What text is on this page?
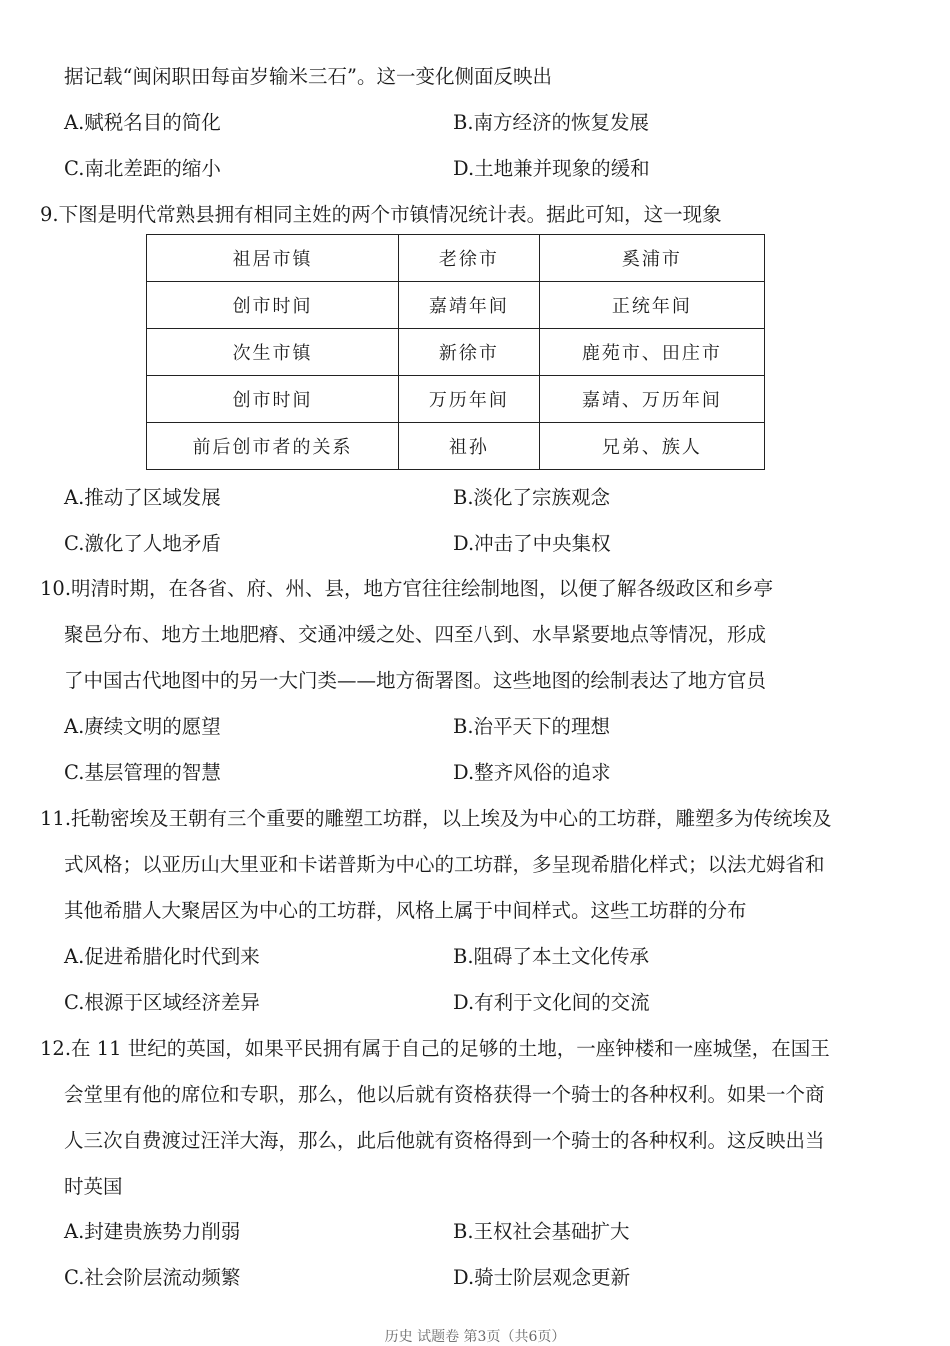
据记载“闽闲职田每亩岁输米三石”。这一变化侧面反映出
A.赋税名目的简化	B.南方经济的恢复发展
C.南北差距的缩小	D.土地兼并现象的缓和
9.下图是明代常熟县拥有相同主姓的两个市镇情况统计表。据此可知，这一现象
祖居市镇	老徐市	奚浦市
创市时间	嘉靖年间	正统年间
次生市镇	新徐市	鹿苑市、田庄市
创市时间	万历年间	嘉靖、万历年间
前后创市者的关系	祖孙	兄弟、族人
A.推动了区域发展	B.淡化了宗族观念
C.激化了人地矛盾	D.冲击了中央集权
10.明清时期，在各省、府、州、县，地方官往往绘制地图，以便了解各级政区和乡亭
聚邑分布、地方土地肥瘠、交通冲缓之处、四至八到、水旱紧要地点等情况，形成
了中国古代地图中的另一大门类——地方衙署图。这些地图的绘制表达了地方官员
A.赓续文明的愿望	B.治平天下的理想
C.基层管理的智慧	D.整齐风俗的追求
11.托勒密埃及王朝有三个重要的雕塑工坊群，以上埃及为中心的工坊群，雕塑多为传统埃及
式风格；以亚历山大里亚和卡诺普斯为中心的工坊群，多呈现希腊化样式；以法尤姆省和
其他希腊人大聚居区为中心的工坊群，风格上属于中间样式。这些工坊群的分布
A.促进希腊化时代到来	B.阻碍了本土文化传承
C.根源于区域经济差异	D.有利于文化间的交流
12.在 11 世纪的英国，如果平民拥有属于自己的足够的土地，一座钟楼和一座城堡，在国王
会堂里有他的席位和专职，那么，他以后就有资格获得一个骑士的各种权利。如果一个商
人三次自费渡过汪洋大海，那么，此后他就有资格得到一个骑士的各种权利。这反映出当
时英国
A.封建贵族势力削弱	B.王权社会基础扩大
C.社会阶层流动频繁	D.骑士阶层观念更新
历史 试题卷 第3页（共6页）
